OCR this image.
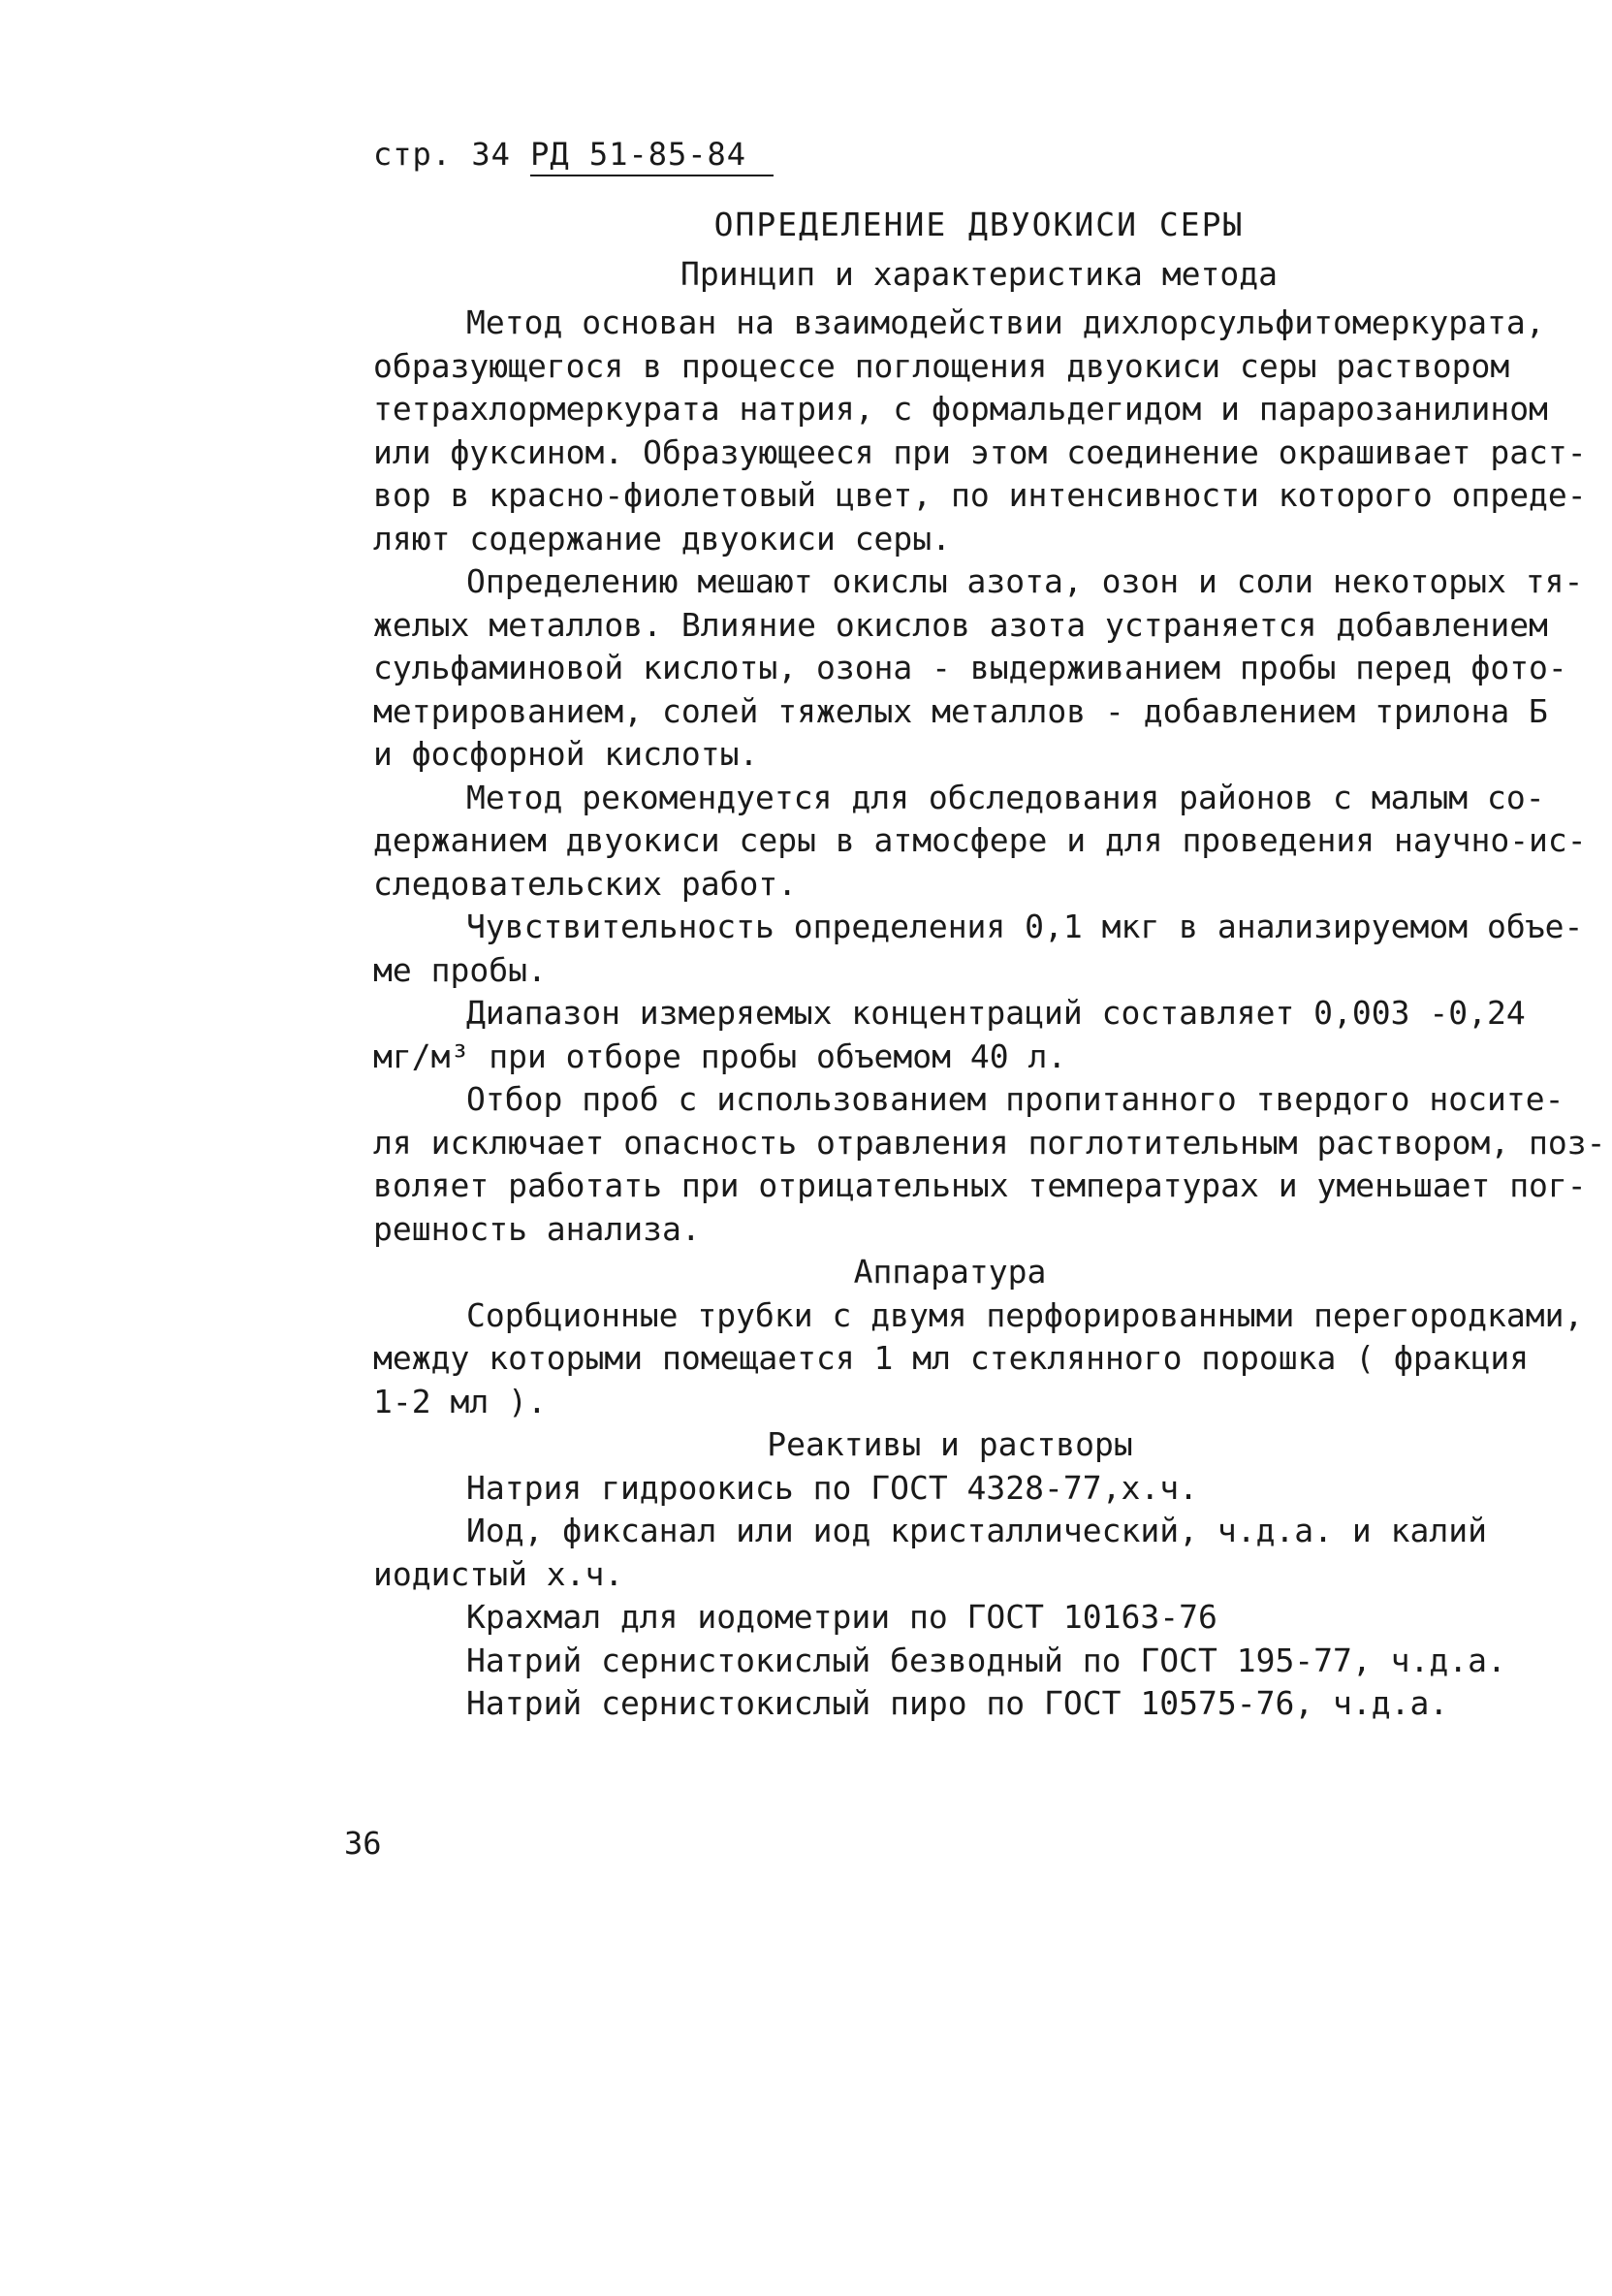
стр. 34 РД 51-85-84
ОПРЕДЕЛЕНИЕ ДВУОКИСИ СЕРЫ
Принцип и характеристика метода
Метод основан на взаимодействии дихлорсульфитомеркурата,
образующегося в процессе поглощения двуокиси серы раствором
тетрахлормеркурата натрия, с формальдегидом и парарозанилином
или фуксином. Образующееся при этом соединение окрашивает раст-
вор в красно-фиолетовый цвет, по интенсивности которого опреде-
ляют содержание двуокиси серы.
Определению мешают окислы азота, озон и соли некоторых тя-
желых металлов. Влияние окислов азота устраняется добавлением
сульфаминовой кислоты, озона - выдерживанием пробы перед фото-
метрированием, солей тяжелых металлов - добавлением трилона Б
и фосфорной кислоты.
Метод рекомендуется для обследования районов с малым со-
держанием двуокиси серы в атмосфере и для проведения научно-ис-
следовательских работ.
Чувствительность определения 0,1 мкг в анализируемом объе-
ме пробы.
Диапазон измеряемых концентраций составляет 0,003 -0,24
мг/м³ при отборе пробы объемом 40 л.
Отбор проб с использованием пропитанного твердого носите-
ля исключает опасность отравления поглотительным раствором, поз-
воляет работать при отрицательных температурах и уменьшает пог-
решность анализа.
Аппаратура
Сорбционные трубки с двумя перфорированными перегородками,
между которыми помещается 1 мл стеклянного порошка ( фракция
1-2 мл ).
Реактивы и растворы
Натрия гидроокись по ГОСТ 4328-77,х.ч.
Иод, фиксанал или иод кристаллический, ч.д.а. и калий
иодистый х.ч.
Крахмал для иодометрии по ГОСТ 10163-76
Натрий сернистокислый безводный по ГОСТ 195-77, ч.д.а.
Натрий сернистокислый пиро по ГОСТ 10575-76, ч.д.а.
36
